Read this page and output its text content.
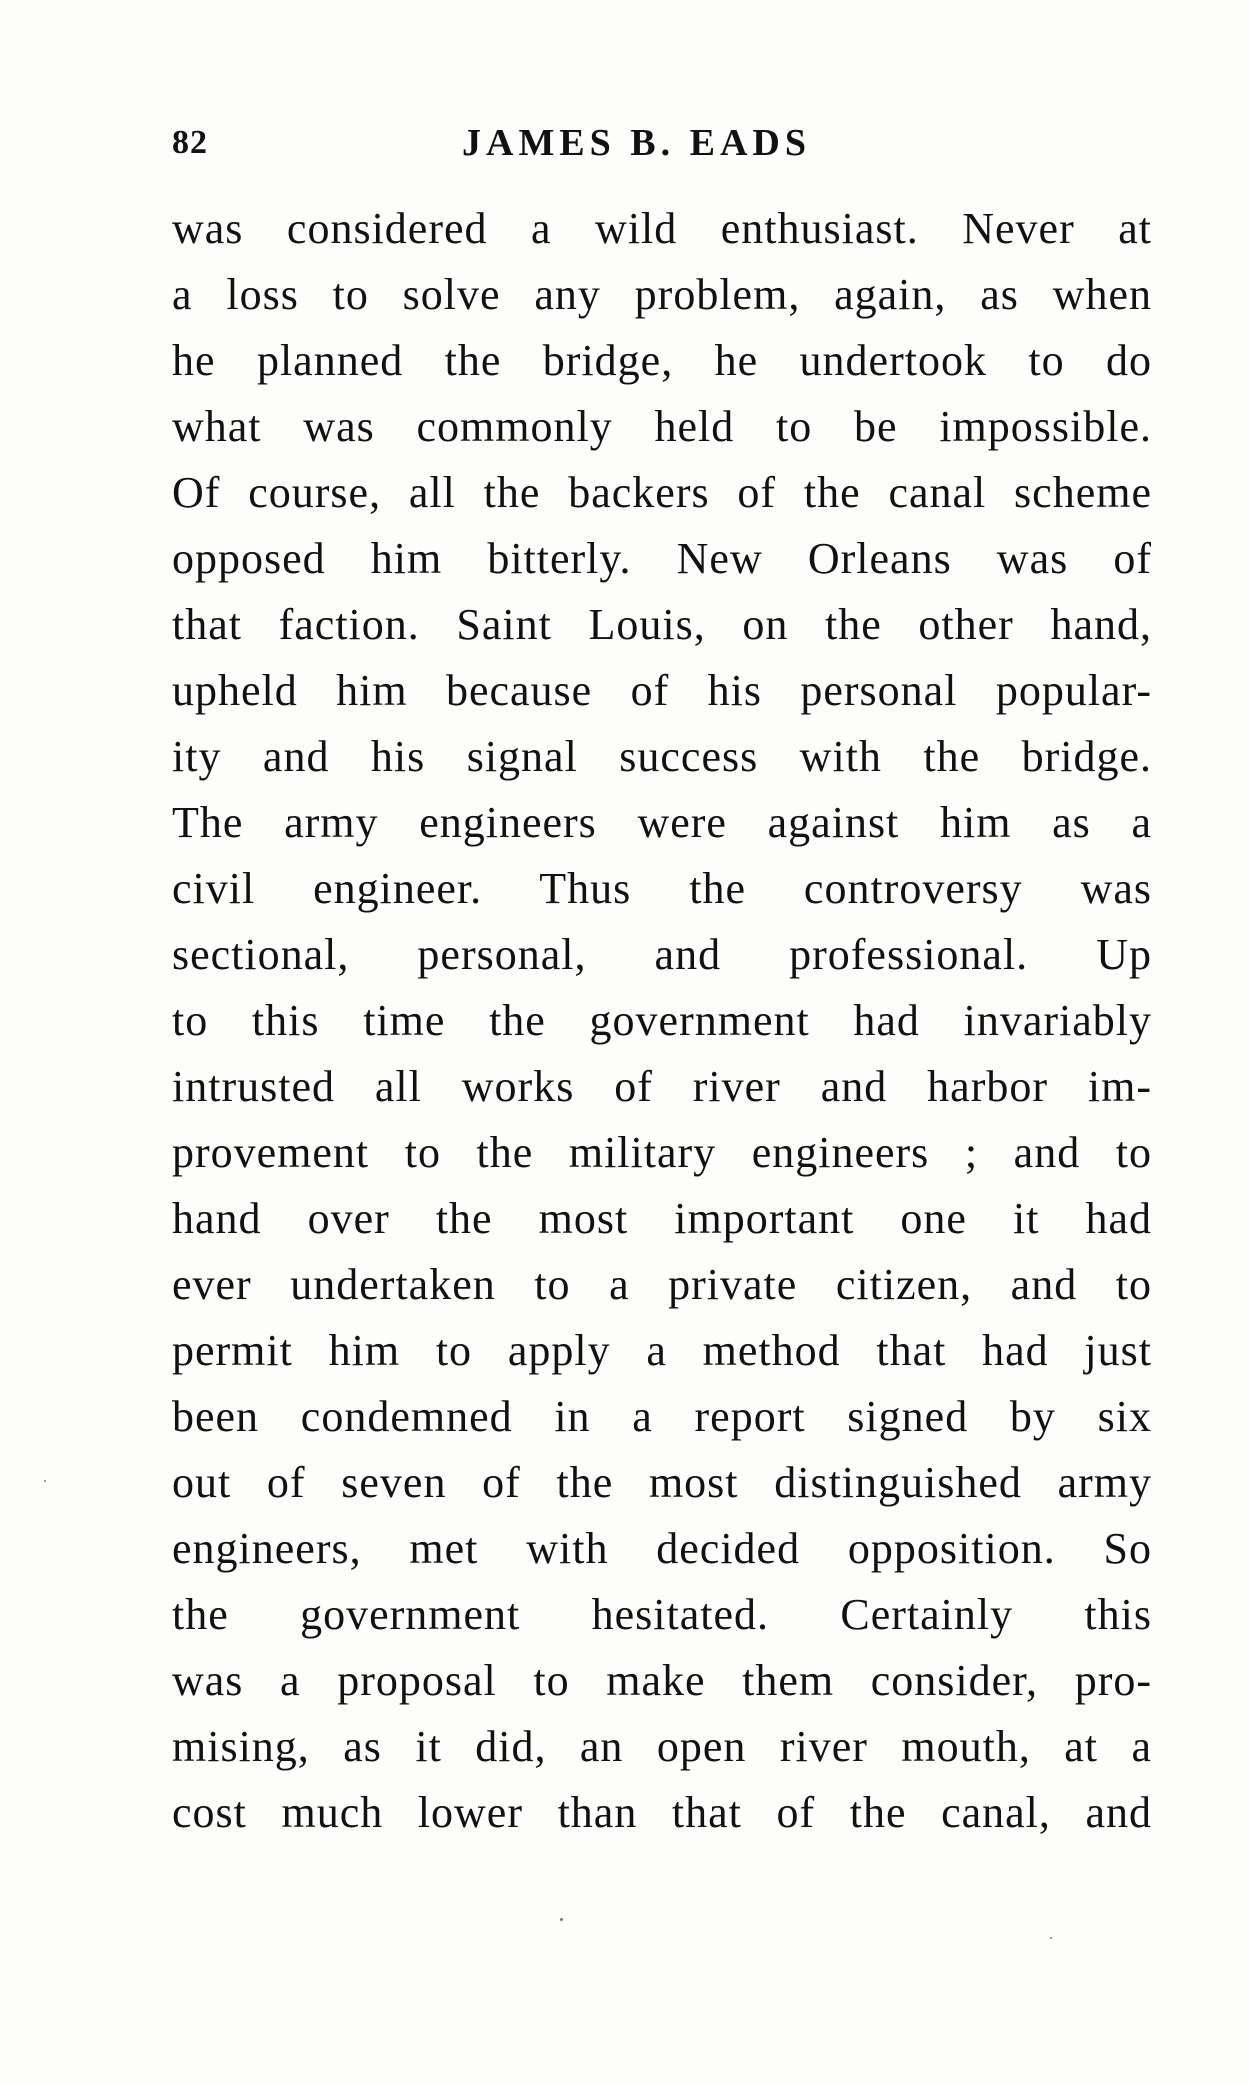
82	JAMES B. EADS
was considered a wild enthusiast. Never at
a loss to solve any problem, again, as when
he planned the bridge, he undertook to do
what was commonly held to be impossible.
Of course, all the backers of the canal scheme
opposed him bitterly. New Orleans was of
that faction. Saint Louis, on the other hand,
upheld him because of his personal popular-
ity and his signal success with the bridge.
The army engineers were against him as a
civil engineer. Thus the controversy was
sectional, personal, and professional. Up
to this time the government had invariably
intrusted all works of river and harbor im-
provement to the military engineers ; and to
hand over the most important one it had
ever undertaken to a private citizen, and to
permit him to apply a method that had just
been condemned in a report signed by six
out of seven of the most distinguished army
engineers, met with decided opposition. So
the government hesitated. Certainly this
was a proposal to make them consider, pro-
mising, as it did, an open river mouth, at a
cost much lower than that of the canal, and
